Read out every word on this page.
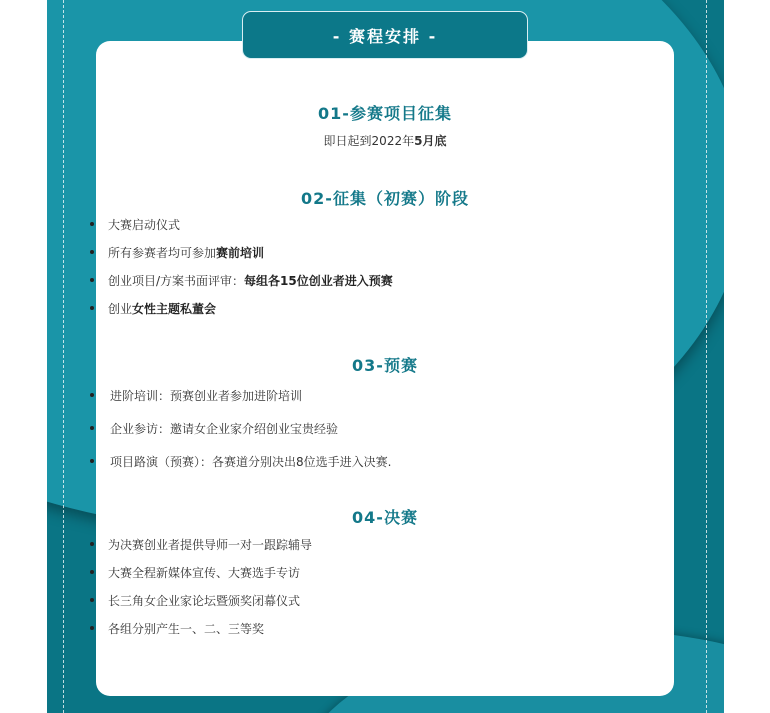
01-参赛项目征集
即日起到2022年5月底
02-征集（初赛）阶段
大赛启动仪式
所有参赛者均可参加赛前培训
创业项目/方案书面评审：每组各15位创业者进入预赛
创业女性主题私董会
03-预赛
进阶培训：预赛创业者参加进阶培训
企业参访：邀请女企业家介绍创业宝贵经验
项目路演（预赛）：各赛道分别决出8位选手进入决赛.
04-决赛
为决赛创业者提供导师一对一跟踪辅导
大赛全程新媒体宣传、大赛选手专访
长三角女企业家论坛暨颁奖闭幕仪式
各组分别产生一、二、三等奖
- 赛程安排 -
